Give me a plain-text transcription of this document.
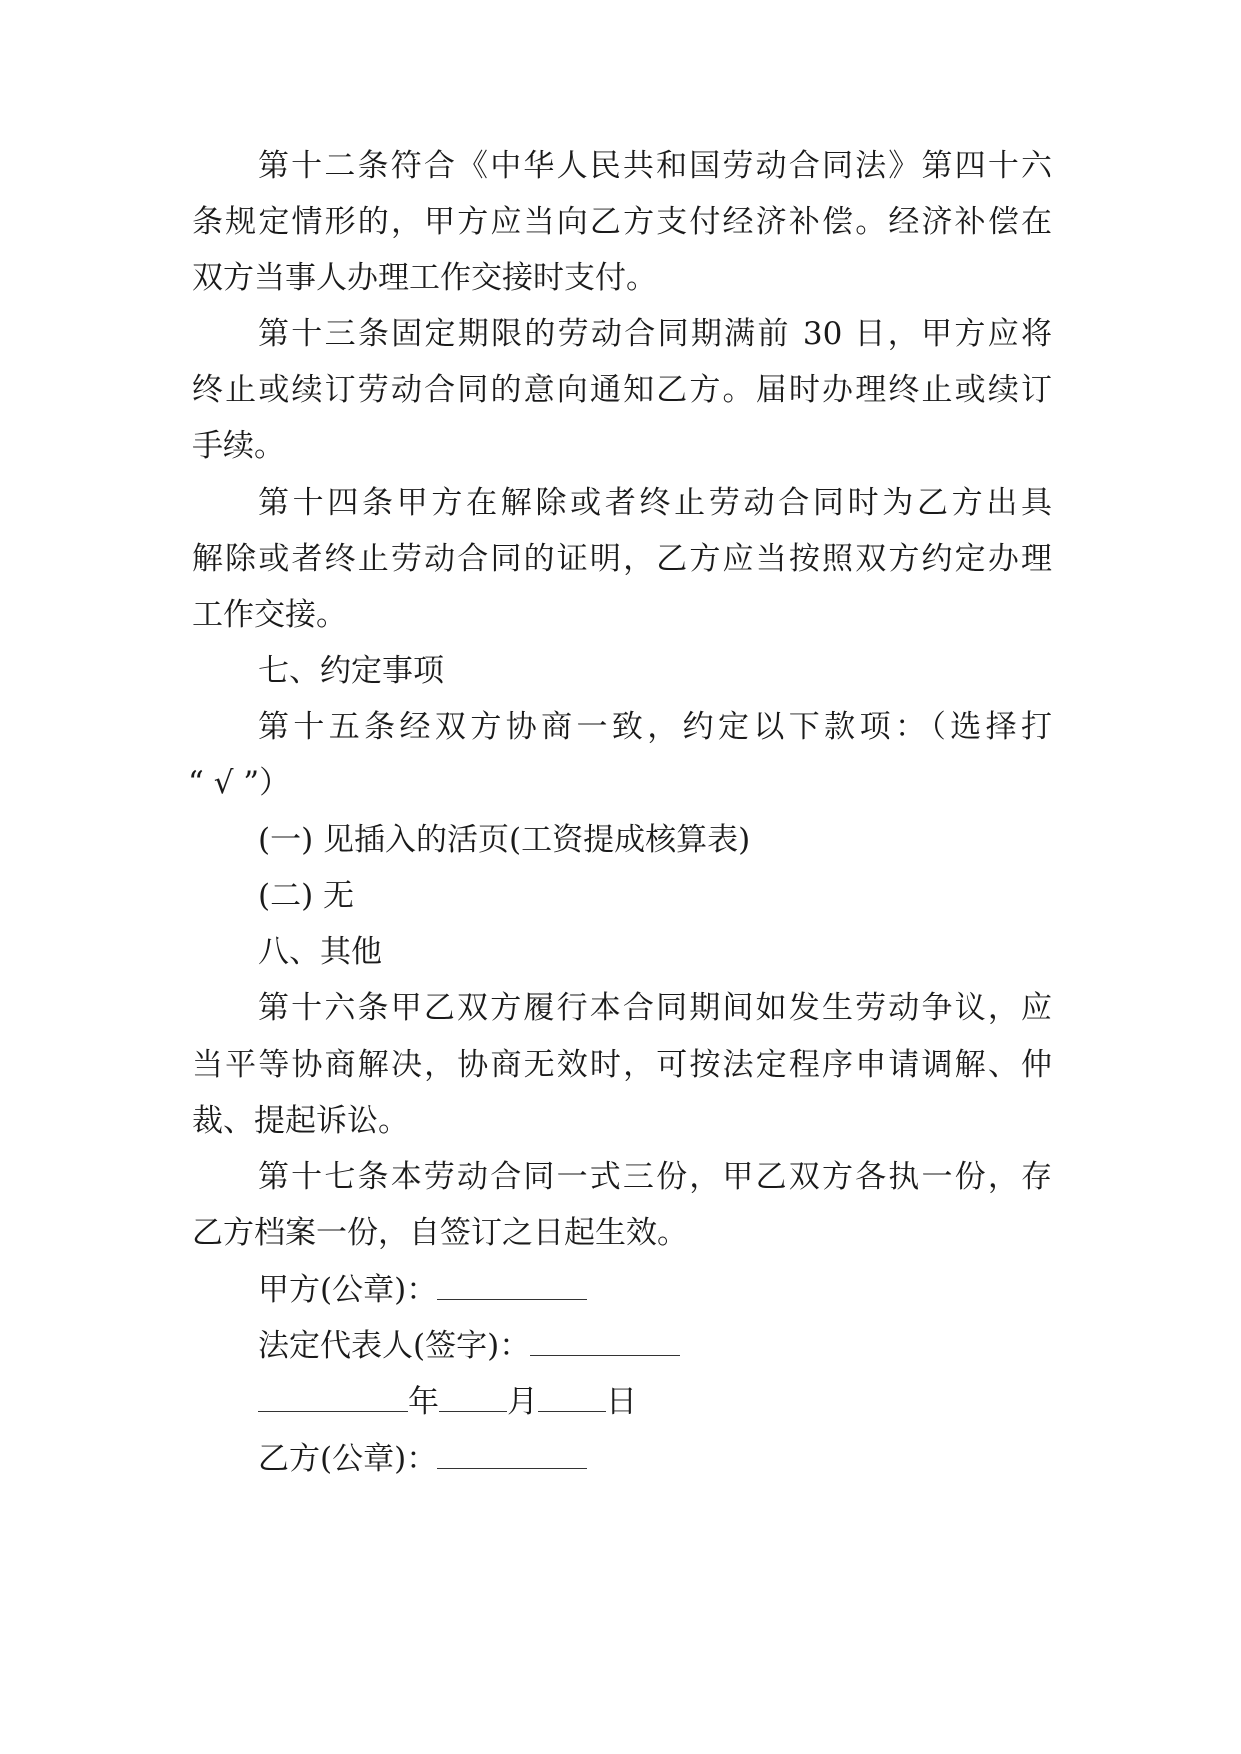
第十二条符合《中华人民共和国劳动合同法》第四十六
条规定情形的，甲方应当向乙方支付经济补偿。经济补偿在
双方当事人办理工作交接时支付。
第十三条固定期限的劳动合同期满前 30 日，甲方应将
终止或续订劳动合同的意向通知乙方。届时办理终止或续订
手续。
第十四条甲方在解除或者终止劳动合同时为乙方出具
解除或者终止劳动合同的证明，乙方应当按照双方约定办理
工作交接。
七、约定事项
第十五条经双方协商一致，约定以下款项：（选择打
“ √ ”）
(一) 见插入的活页(工资提成核算表)
(二) 无
八、其他
第十六条甲乙双方履行本合同期间如发生劳动争议，应
当平等协商解决，协商无效时，可按法定程序申请调解、仲
裁、提起诉讼。
第十七条本劳动合同一式三份，甲乙双方各执一份，存
乙方档案一份，自签订之日起生效。
甲方(公章)：
法定代表人(签字)：
年 月 日
乙方(公章)：
